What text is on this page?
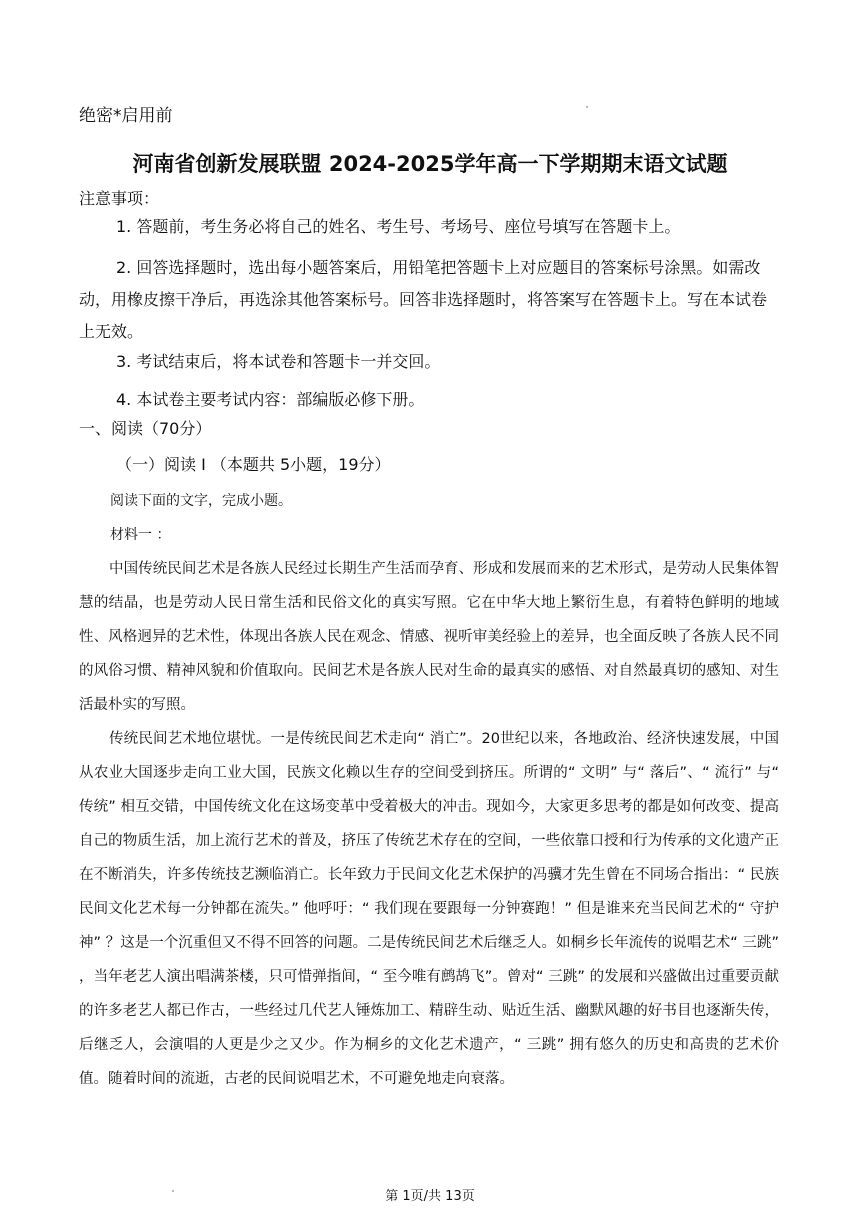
绝密*启用前
河南省创新发展联盟 2024-2025学年高一下学期期末语文试题
注意事项：
1. 答题前，考生务必将自己的姓名、考生号、考场号、座位号填写在答题卡上。
2. 回答选择题时，选出每小题答案后，用铅笔把答题卡上对应题目的答案标号涂黑。如需改动，用橡皮擦干净后，再选涂其他答案标号。回答非选择题时，将答案写在答题卡上。写在本试卷上无效。
3. 考试结束后，将本试卷和答题卡一并交回。
4. 本试卷主要考试内容：部编版必修下册。
一、阅读（70分）
（一）阅读 I （本题共 5小题，19分）
阅读下面的文字，完成小题。
材料一 ：
中国传统民间艺术是各族人民经过长期生产生活而孕育、形成和发展而来的艺术形式，是劳动人民集体智慧的结晶，也是劳动人民日常生活和民俗文化的真实写照。它在中华大地上繁衍生息，有着特色鲜明的地域性、风格迥异的艺术性，体现出各族人民在观念、情感、视听审美经验上的差异，也全面反映了各族人民不同的风俗习惯、精神风貌和价值取向。民间艺术是各族人民对生命的最真实的感悟、对自然最真切的感知、对生活最朴实的写照。
传统民间艺术地位堪忧。一是传统民间艺术走向“ 消亡”。20世纪以来，各地政治、经济快速发展，中国从农业大国逐步走向工业大国，民族文化赖以生存的空间受到挤压。所谓的“ 文明” 与“ 落后”、“ 流行” 与“ 传统” 相互交错，中国传统文化在这场变革中受着极大的冲击。现如今，大家更多思考的都是如何改变、提高自己的物质生活，加上流行艺术的普及，挤压了传统艺术存在的空间，一些依靠口授和行为传承的文化遗产正在不断消失，许多传统技艺濒临消亡。长年致力于民间文化艺术保护的冯骥才先生曾在不同场合指出：“ 民族民间文化艺术每一分钟都在流失。” 他呼吁：“ 我们现在要跟每一分钟赛跑！” 但是谁来充当民间艺术的“ 守护神” ？这是一个沉重但又不得不回答的问题。二是传统民间艺术后继乏人。如桐乡长年流传的说唱艺术“ 三跳” ，当年老艺人演出唱满茶楼，只可惜弹指间，“ 至今唯有鹧鸪飞”。曾对“ 三跳” 的发展和兴盛做出过重要贡献的许多老艺人都已作古，一些经过几代艺人锤炼加工、精辟生动、贴近生活、幽默风趣的好书目也逐渐失传，后继乏人，会演唱的人更是少之又少。作为桐乡的文化艺术遗产，“ 三跳” 拥有悠久的历史和高贵的艺术价值。随着时间的流逝，古老的民间说唱艺术，不可避免地走向衰落。
第 1页/共 13页
